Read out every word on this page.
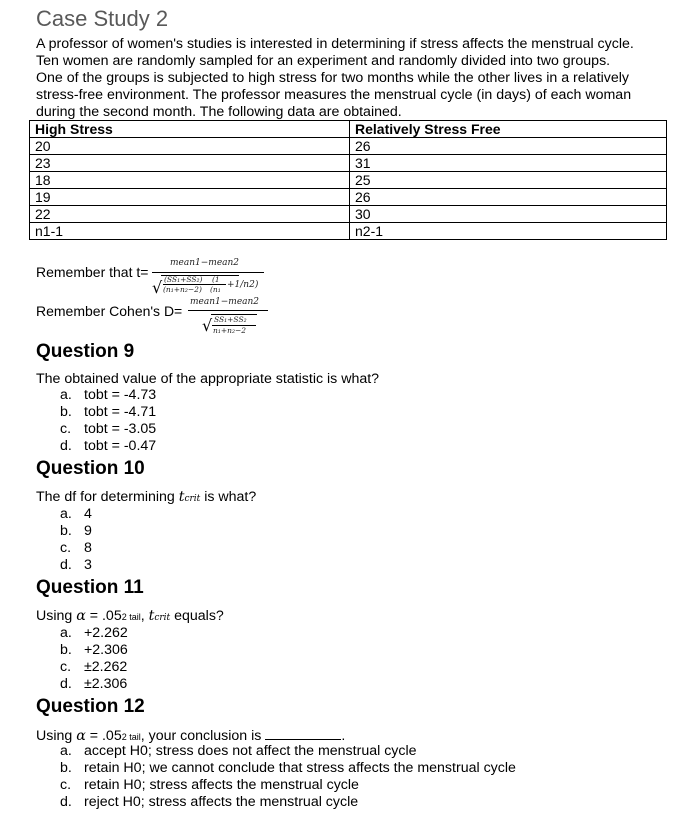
Case Study 2

A professor of women's studies is interested in determining if stress affects the menstrual cycle.
Ten women are randomly sampled for an experiment and randomly divided into two groups.
One of the groups is subjected to high stress for two months while the other lives in a relatively
stress-free environment. The professor measures the menstrual cycle (in days) of each woman
during the second month. The following data are obtained.

High Stress	Relatively Stress Free
20	26
23	31
18	25
19	26
22	30
n1-1	n2-1
Remember that t=
mean1−mean2
√ (SS₁+SS₂) (1
(n₁+n₂−2) (n₁ +1/n2)
Remember Cohen's D=
mean1−mean2
√ SS₁+SS₂
n₁+n₂−2
Question 9

The obtained value of the appropriate statistic is what?

a. tobt = -4.73
b. tobt = -4.71
c. tobt = -3.05
d. tobt = -0.47
Question 10

The df for determining tcrit is what?

a. 4
b. 9
c. 8
d. 3
Question 11

Using α = .052 tail, tcrit equals?

a. +2.262
b. +2.306
c. ±2.262
d. ±2.306
Question 12

Using α = .052 tail, your conclusion is	.

a. accept H0; stress does not affect the menstrual cycle
b. retain H0; we cannot conclude that stress affects the menstrual cycle
c. retain H0; stress affects the menstrual cycle
d. reject H0; stress affects the menstrual cycle
